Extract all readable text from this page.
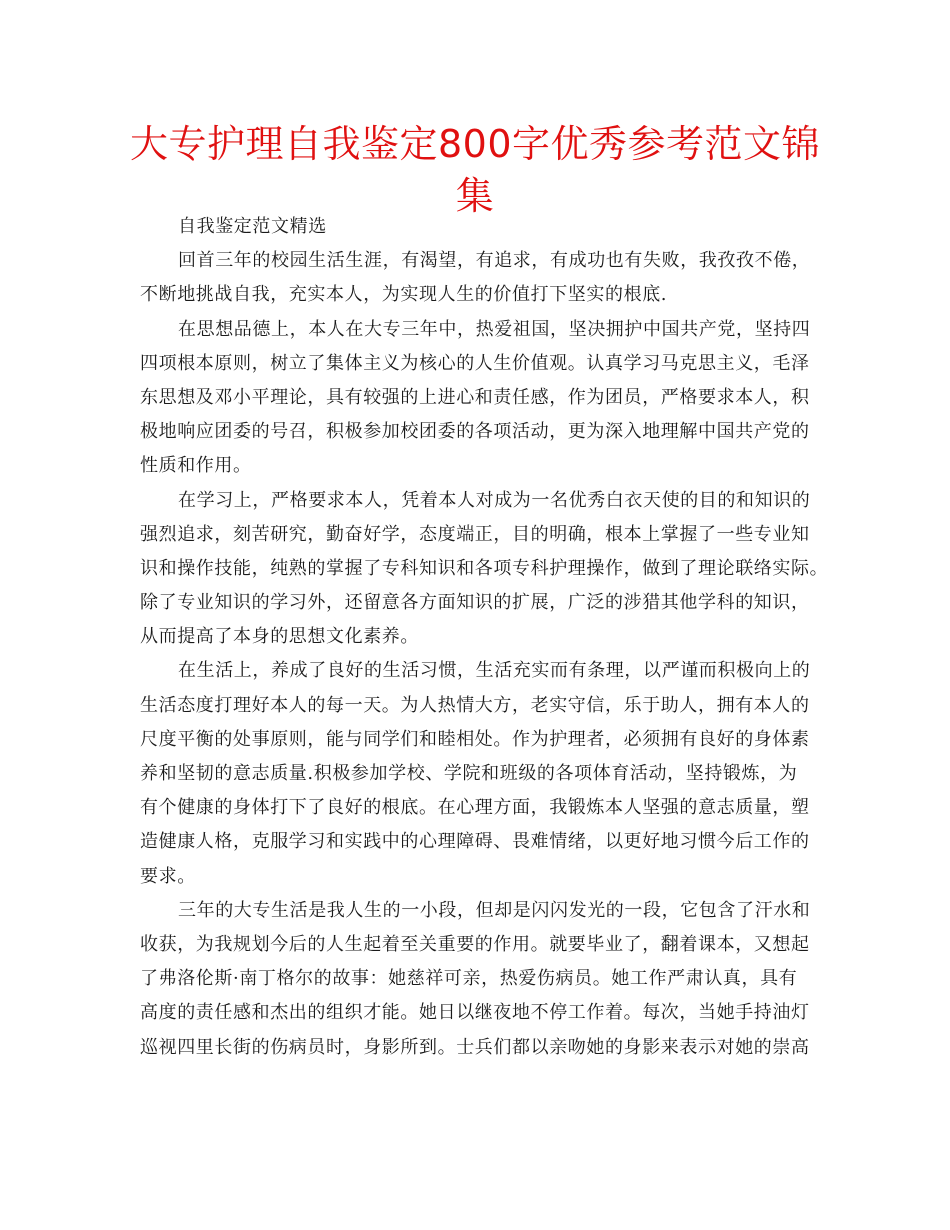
大专护理自我鉴定800字优秀参考范文锦
集
自我鉴定范文精选
回首三年的校园生活生涯，有渴望，有追求，有成功也有失败，我孜孜不倦，
不断地挑战自我，充实本人，为实现人生的价值打下坚实的根底.
在思想品德上，本人在大专三年中，热爱祖国，坚决拥护中国共产党，坚持四
四项根本原则，树立了集体主义为核心的人生价值观。认真学习马克思主义，毛泽
东思想及邓小平理论，具有较强的上进心和责任感，作为团员，严格要求本人，积
极地响应团委的号召，积极参加校团委的各项活动，更为深入地理解中国共产党的
性质和作用。
在学习上，严格要求本人，凭着本人对成为一名优秀白衣天使的目的和知识的
强烈追求，刻苦研究，勤奋好学，态度端正，目的明确，根本上掌握了一些专业知
识和操作技能，纯熟的掌握了专科知识和各项专科护理操作，做到了理论联络实际。
除了专业知识的学习外，还留意各方面知识的扩展，广泛的涉猎其他学科的知识，
从而提高了本身的思想文化素养。
在生活上，养成了良好的生活习惯，生活充实而有条理，以严谨而积极向上的
生活态度打理好本人的每一天。为人热情大方，老实守信，乐于助人，拥有本人的
尺度平衡的处事原则，能与同学们和睦相处。作为护理者，必须拥有良好的身体素
养和坚韧的意志质量.积极参加学校、学院和班级的各项体育活动，坚持锻炼，为
有个健康的身体打下了良好的根底。在心理方面，我锻炼本人坚强的意志质量，塑
造健康人格，克服学习和实践中的心理障碍、畏难情绪，以更好地习惯今后工作的
要求。
三年的大专生活是我人生的一小段，但却是闪闪发光的一段，它包含了汗水和
收获，为我规划今后的人生起着至关重要的作用。就要毕业了，翻着课本，又想起
了弗洛伦斯·南丁格尔的故事：她慈祥可亲，热爱伤病员。她工作严肃认真，具有
高度的责任感和杰出的组织才能。她日以继夜地不停工作着。每次，当她手持油灯
巡视四里长街的伤病员时，身影所到。士兵们都以亲吻她的身影来表示对她的崇高
